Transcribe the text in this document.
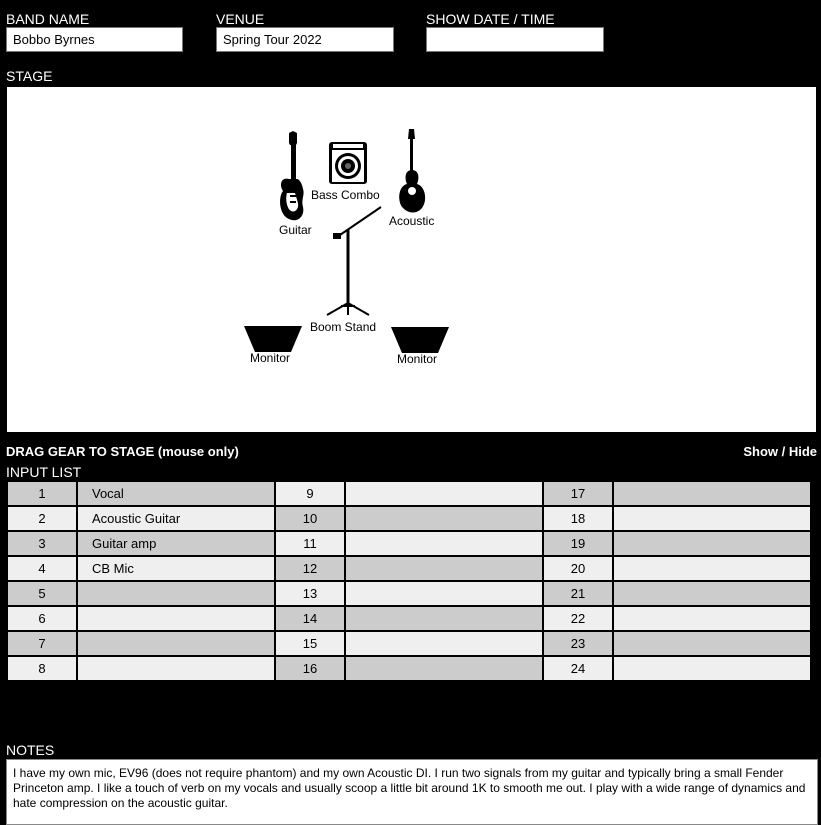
BAND NAME
Bobbo Byrnes	VENUE
Spring Tour 2022	SHOW DATE / TIME
STAGE
Guitar
Bass Combo
Acoustic
Boom Stand
Monitor	Monitor
DRAG GEAR TO STAGE (mouse only)	Show / Hide
INPUT LIST
1	Vocal	9		17	
2	Acoustic Guitar	10		18	
3	Guitar amp	11		19	
4	CB Mic	12		20	
5		13		21	
6		14		22	
7		15		23	
8		16		24	
NOTES
I have my own mic, EV96 (does not require phantom) and my own Acoustic DI. I run two signals from my guitar and typically bring a small Fender Princeton amp. I like a touch of verb on my vocals and usually scoop a little bit around 1K to smooth me out. I play with a wide range of dynamics and hate compression on the acoustic guitar.
